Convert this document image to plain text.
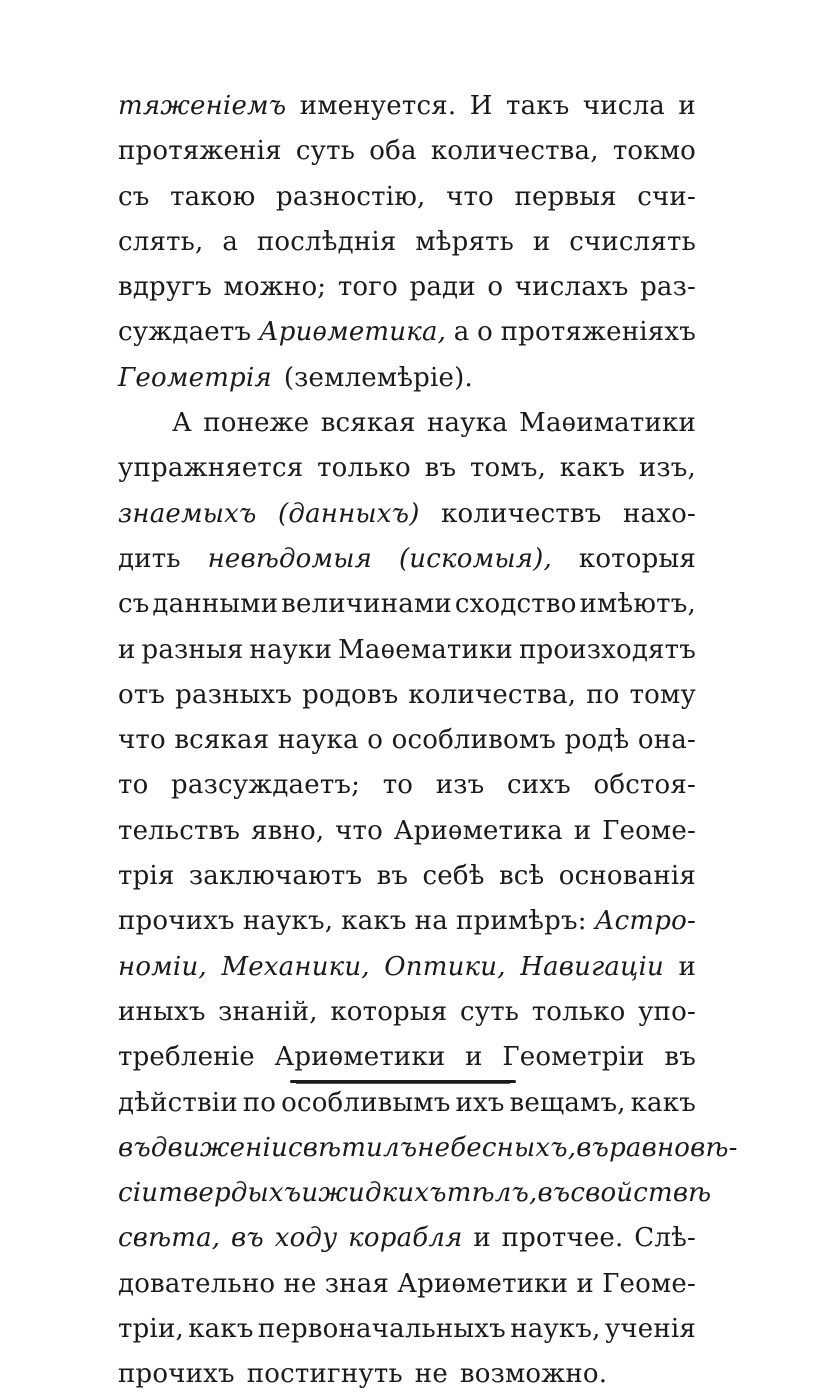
тяженіемъ именуется. И такъ числа и
протяженія суть оба количества, токмо
съ такою разностію, что первыя счи-
слять, а послѣднія мѣрять и счислять
вдругъ можно; того ради о числахъ раз-
суждаетъ Ариѳметика, а о протяженіяхъ
Геометрія (землемѣріе).
А понеже всякая наука Маѳиматики
упражняется только въ томъ, какъ изъ,
знаемыхъ (данныхъ) количествъ нахо-
дить невѣдомыя (искомыя), которыя
съ данными величинами сходство имѣютъ,
и разныя науки Маѳематики произходятъ
отъ разныхъ родовъ количества, по тому
что всякая наука о особливомъ родѣ она-
то разсуждаетъ; то изъ сихъ обстоя-
тельствъ явно, что Ариѳметика и Геоме-
трія заключаютъ въ себѣ всѣ основанія
прочихъ наукъ, какъ на примѣръ: Астро-
номіи, Механики, Оптики, Навигаціи и
иныхъ знаній, которыя суть только упо-
требленіе Ариѳметики и Геометріи въ
дѣйствіи по особливымъ ихъ вещамъ, какъ
въ движеніи свѣтилъ небесныхъ, въ равновѣ-
сіи твердыхъ и жидкихъ тѣлъ, въ свойствѣ
свѣта, въ ходу корабля и протчее. Слѣ-
довательно не зная Ариѳметики и Геоме-
тріи, какъ первоначальныхъ наукъ, ученія
прочихъ постигнуть не возможно.
